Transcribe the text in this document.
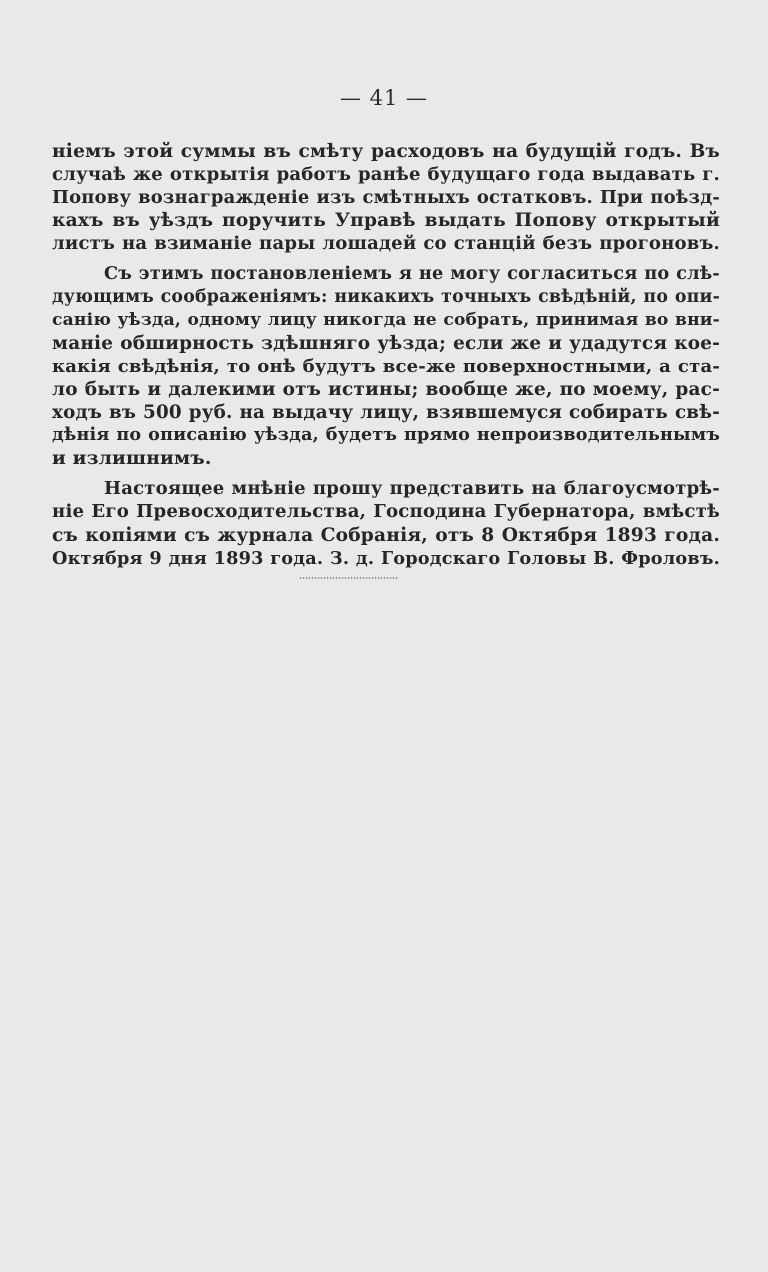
— 41 —
ніемъ этой суммы въ смѣту расходовъ на будущій годъ. Въ
случаѣ же открытія работъ ранѣе будущаго года выдавать г.
Попову вознагражденіе изъ смѣтныхъ остатковъ. При поѣзд-
кахъ въ уѣздъ поручить Управѣ выдать Попову открытый
листъ на взиманіе пары лошадей со станцій безъ прогоновъ.
Съ этимъ постановленіемъ я не могу согласиться по слѣ-
дующимъ соображеніямъ: никакихъ точныхъ свѣдѣній, по опи-
санію уѣзда, одному лицу никогда не собрать, принимая во вни-
маніе обширность здѣшняго уѣзда; если же и удадутся кое-
какія свѣдѣнія, то онѣ будутъ все-же поверхностными, а ста-
ло быть и далекими отъ истины; вообще же, по моему, рас-
ходъ въ 500 руб. на выдачу лицу, взявшемуся собирать свѣ-
дѣнія по описанію уѣзда, будетъ прямо непроизводительнымъ
и излишнимъ.
Настоящее мнѣніе прошу представить на благоусмотрѣ-
ніе Его Превосходительства, Господина Губернатора, вмѣстѣ
съ копіями съ журнала Собранія, отъ 8 Октября 1893 года.
Октября 9 дня 1893 года. З. д. Городскаго Головы В. Фроловъ.
